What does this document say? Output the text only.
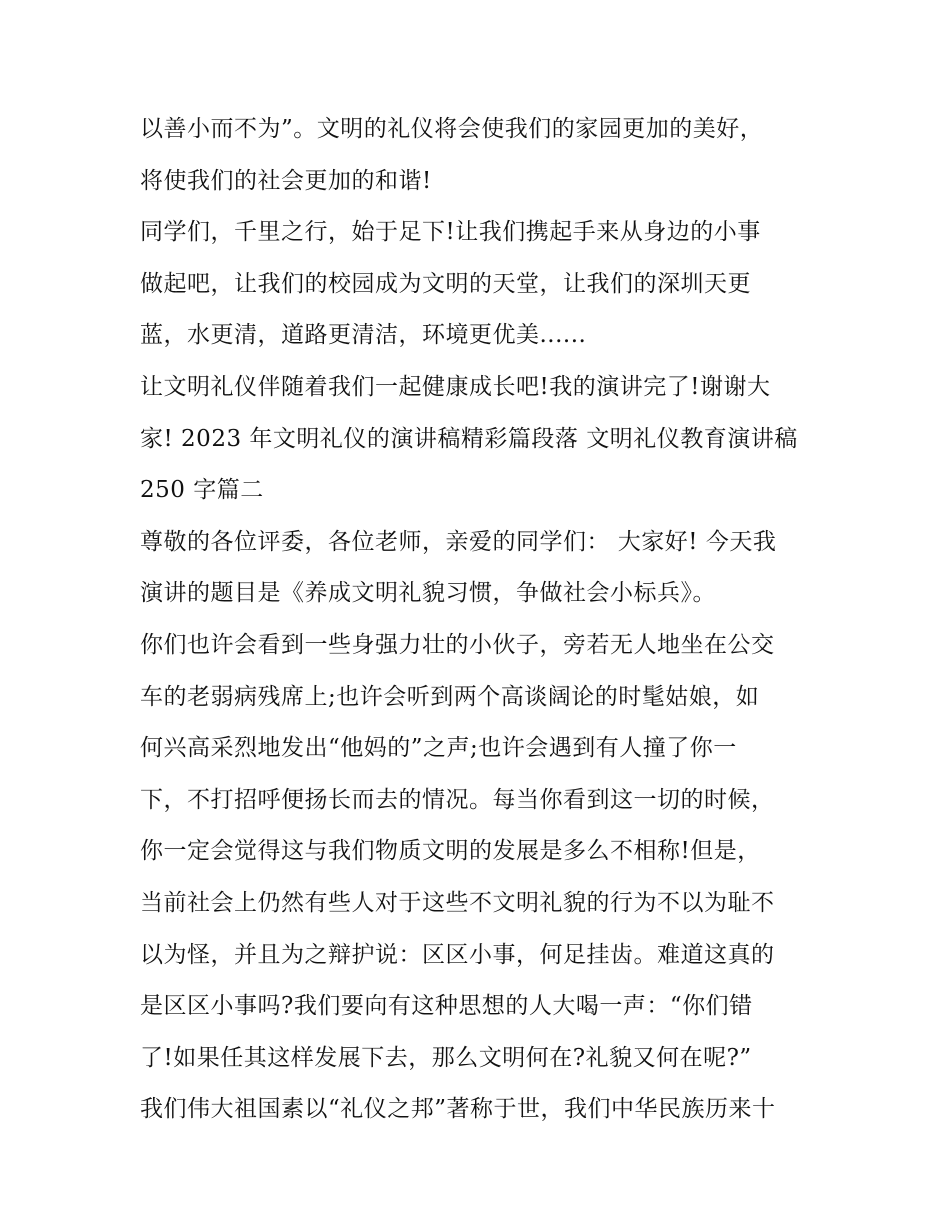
以善小而不为”。文明的礼仪将会使我们的家园更加的美好，
将使我们的社会更加的和谐!
同学们，千里之行，始于足下!让我们携起手来从身边的小事
做起吧，让我们的校园成为文明的天堂，让我们的深圳天更
蓝，水更清，道路更清洁，环境更优美......
让文明礼仪伴随着我们一起健康成长吧!我的演讲完了!谢谢大
家! 2023 年文明礼仪的演讲稿精彩篇段落 文明礼仪教育演讲稿
250 字篇二
尊敬的各位评委，各位老师，亲爱的同学们： 大家好! 今天我
演讲的题目是《养成文明礼貌习惯，争做社会小标兵》。
你们也许会看到一些身强力壮的小伙子，旁若无人地坐在公交
车的老弱病残席上;也许会听到两个高谈阔论的时髦姑娘，如
何兴高采烈地发出“他妈的”之声;也许会遇到有人撞了你一
下，不打招呼便扬长而去的情况。每当你看到这一切的时候，
你一定会觉得这与我们物质文明的发展是多么不相称!但是，
当前社会上仍然有些人对于这些不文明礼貌的行为不以为耻不
以为怪，并且为之辩护说：区区小事，何足挂齿。难道这真的
是区区小事吗?我们要向有这种思想的人大喝一声：“你们错
了!如果任其这样发展下去，那么文明何在?礼貌又何在呢?”
我们伟大祖国素以“礼仪之邦”著称于世，我们中华民族历来十
